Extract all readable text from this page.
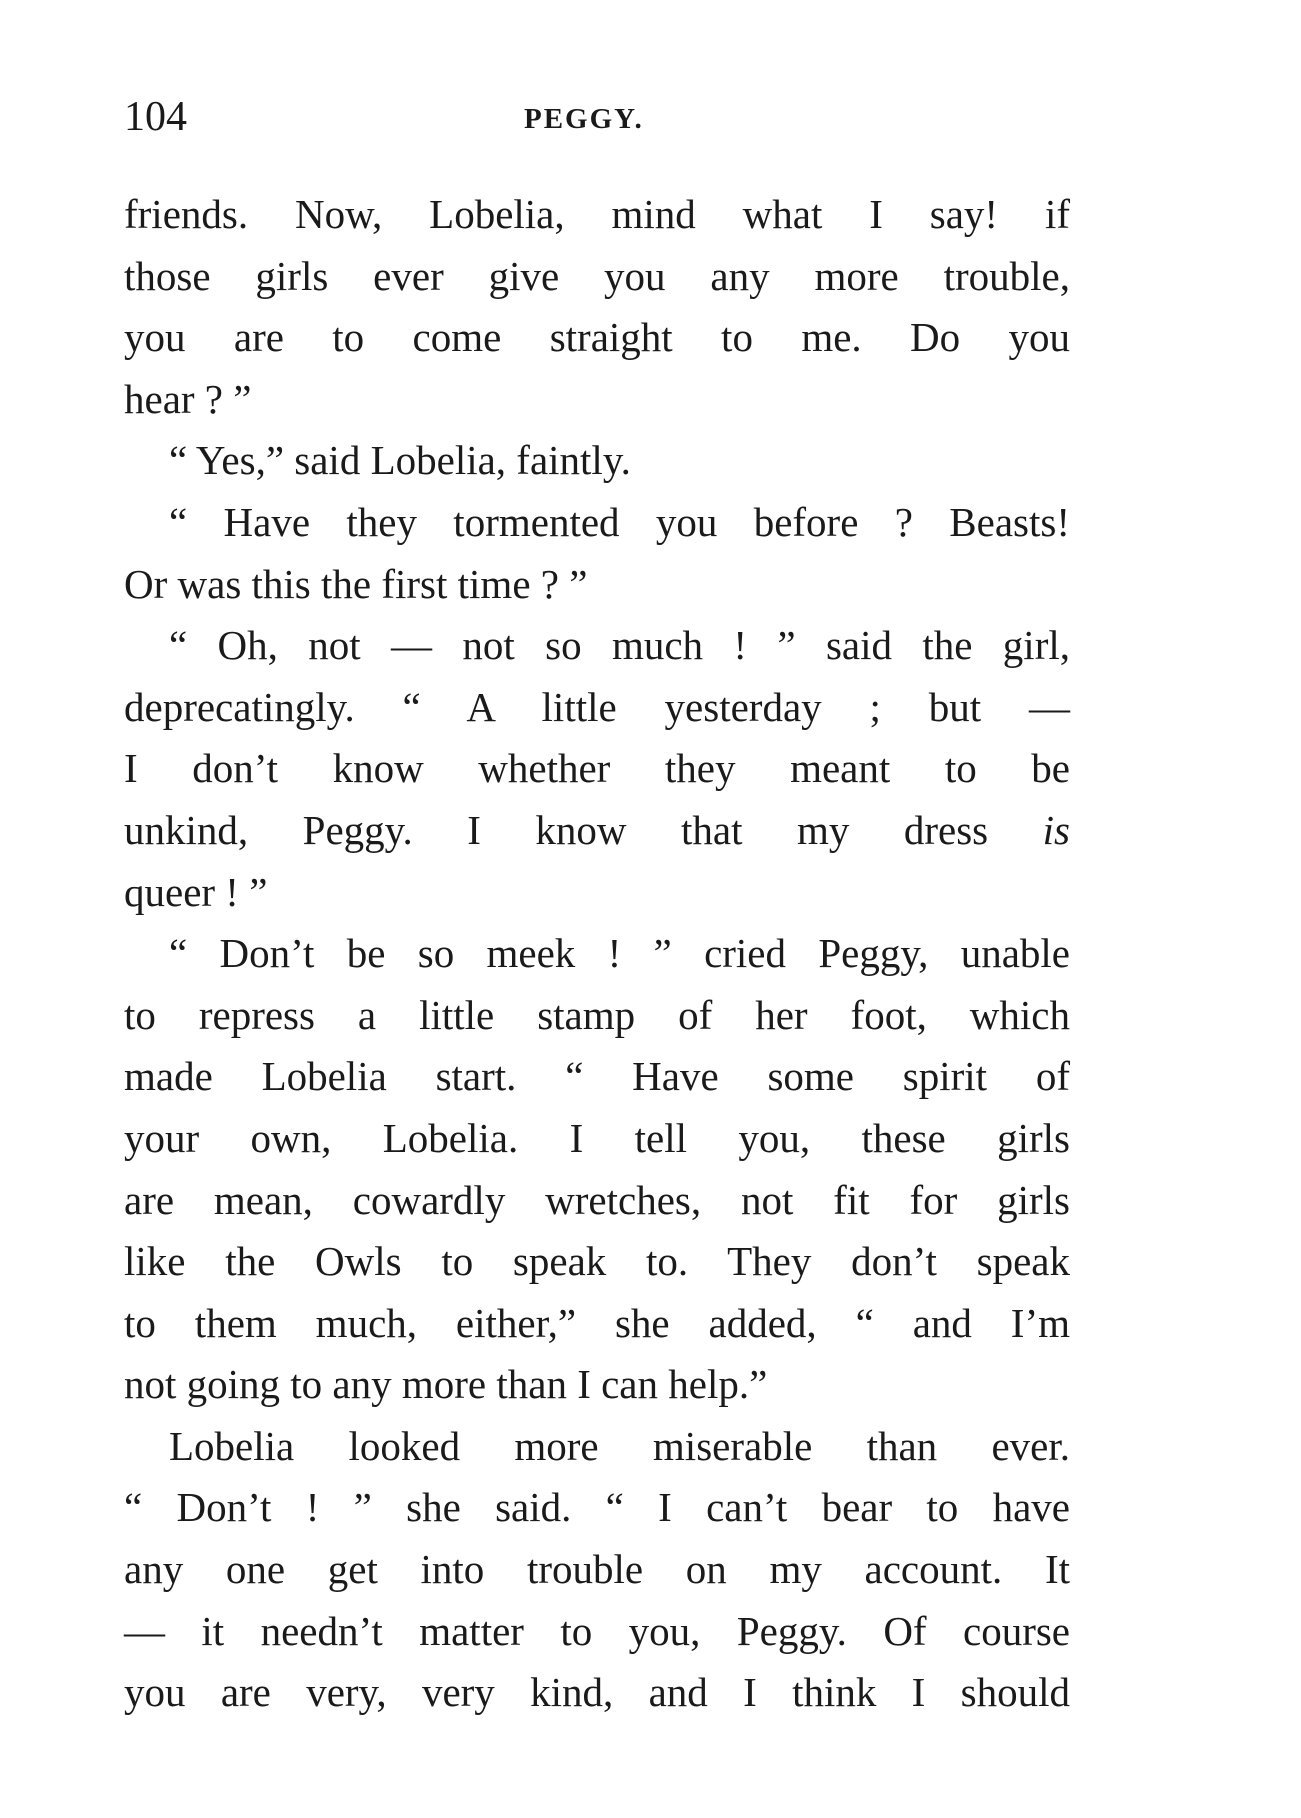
104	PEGGY.
friends. Now, Lobelia, mind what I say! if
those girls ever give you any more trouble,
you are to come straight to me. Do you
hear ? ”
“ Yes,” said Lobelia, faintly.
“ Have they tormented you before ? Beasts!
Or was this the first time ? ”
“ Oh, not — not so much ! ” said the girl,
deprecatingly. “ A little yesterday ; but —
I don’t know whether they meant to be
unkind, Peggy. I know that my dress is
queer ! ”
“ Don’t be so meek ! ” cried Peggy, unable
to repress a little stamp of her foot, which
made Lobelia start. “ Have some spirit of
your own, Lobelia. I tell you, these girls
are mean, cowardly wretches, not fit for girls
like the Owls to speak to. They don’t speak
to them much, either,” she added, “ and I’m
not going to any more than I can help.”
Lobelia looked more miserable than ever.
“ Don’t ! ” she said. “ I can’t bear to have
any one get into trouble on my account. It
— it needn’t matter to you, Peggy. Of course
you are very, very kind, and I think I should
